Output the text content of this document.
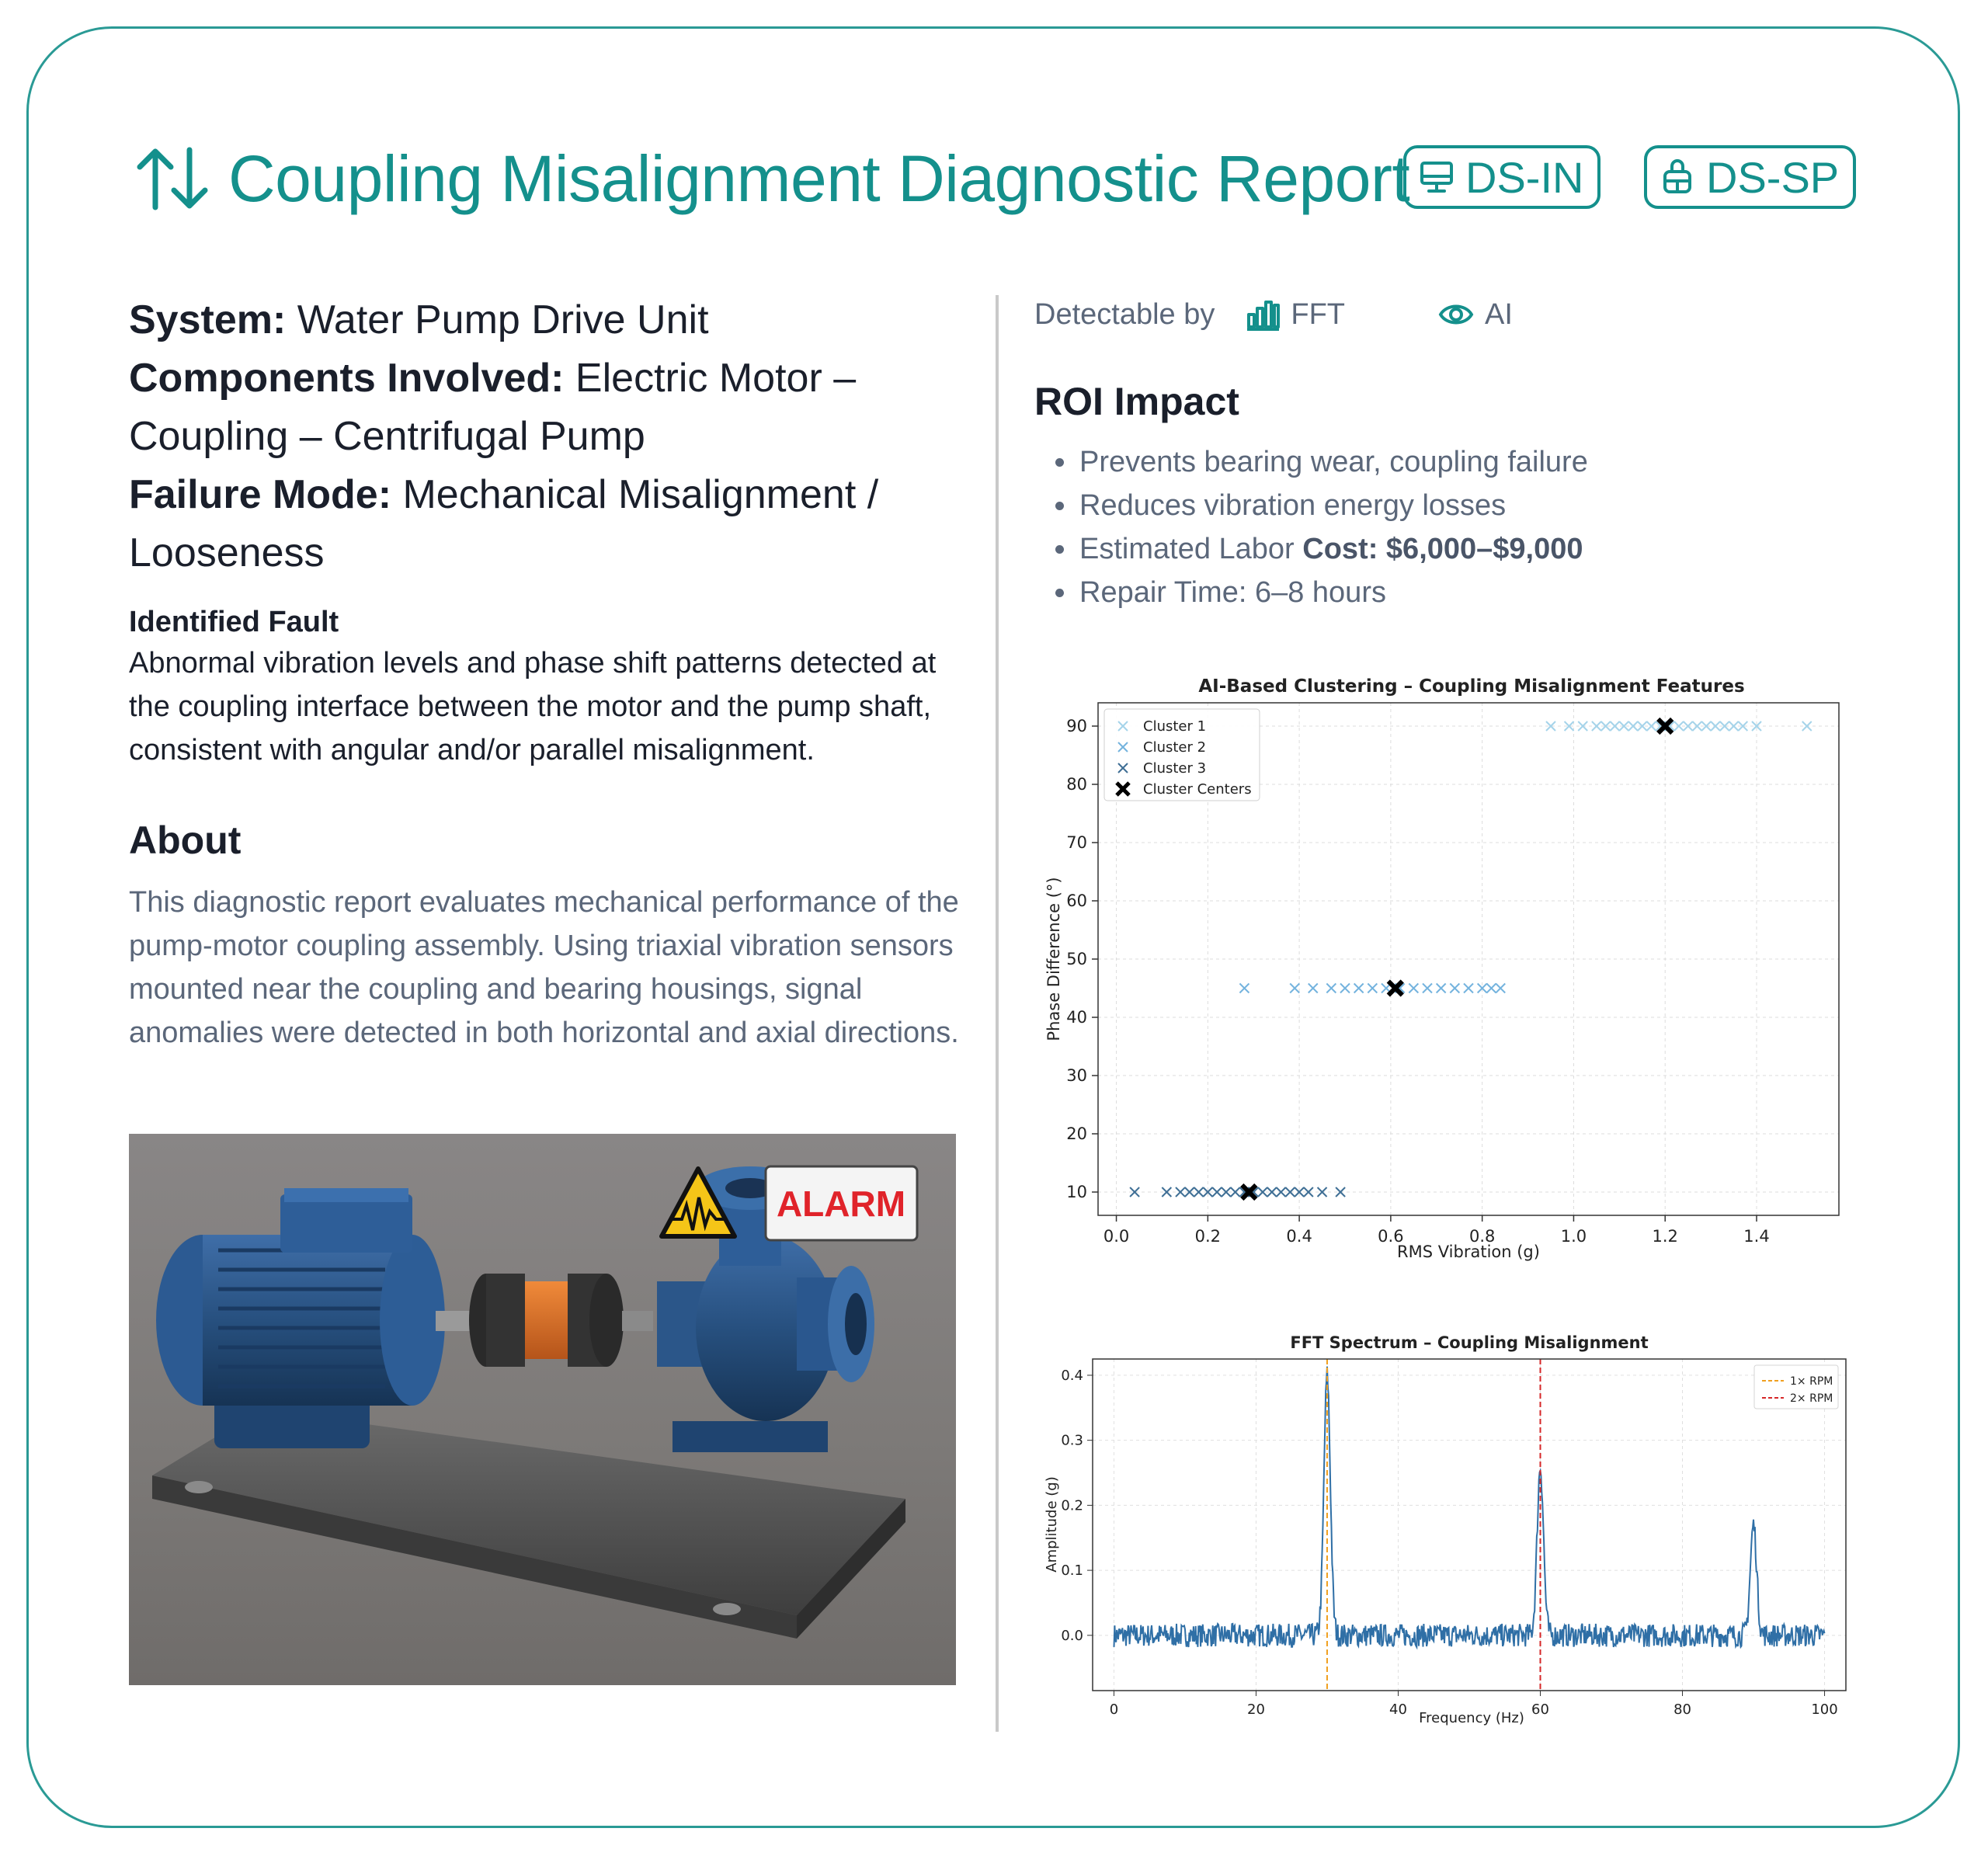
Coupling Misalignment Diagnostic Report DS-IN	DS-SP
System: Water Pump Drive Unit
Components Involved: Electric Motor – Coupling – Centrifugal Pump
Failure Mode: Mechanical Misalignment / Looseness
Identified Fault
Abnormal vibration levels and phase shift patterns detected at the coupling interface between the motor and the pump shaft, consistent with angular and/or parallel misalignment.
About
This diagnostic report evaluates mechanical performance of the pump-motor coupling assembly. Using triaxial vibration sensors mounted near the coupling and bearing housings, signal anomalies were detected in both horizontal and axial directions.
ALARM
Detectable by	FFT	AI
ROI Impact
• Prevents bearing wear, coupling failure
• Reduces vibration energy losses
• Estimated Labor Cost: $6,000–$9,000
• Repair Time: 6–8 hours
AI-Based Clustering – Coupling Misalignment Features
0.0	0.2	0.4	0.6	0.8	1.0	1.2	1.4
10
20
30
40
50
60
70
80
90	Cluster 1
Cluster 2
Cluster 3
Cluster Centers
RMS Vibration (g)
Phase Difference (°)
FFT Spectrum – Coupling Misalignment
0	20	40	60	80	100
0.0
0.1
0.2
0.3
0.4	1× RPM
2× RPM
Frequency (Hz)
Amplitude (g)
